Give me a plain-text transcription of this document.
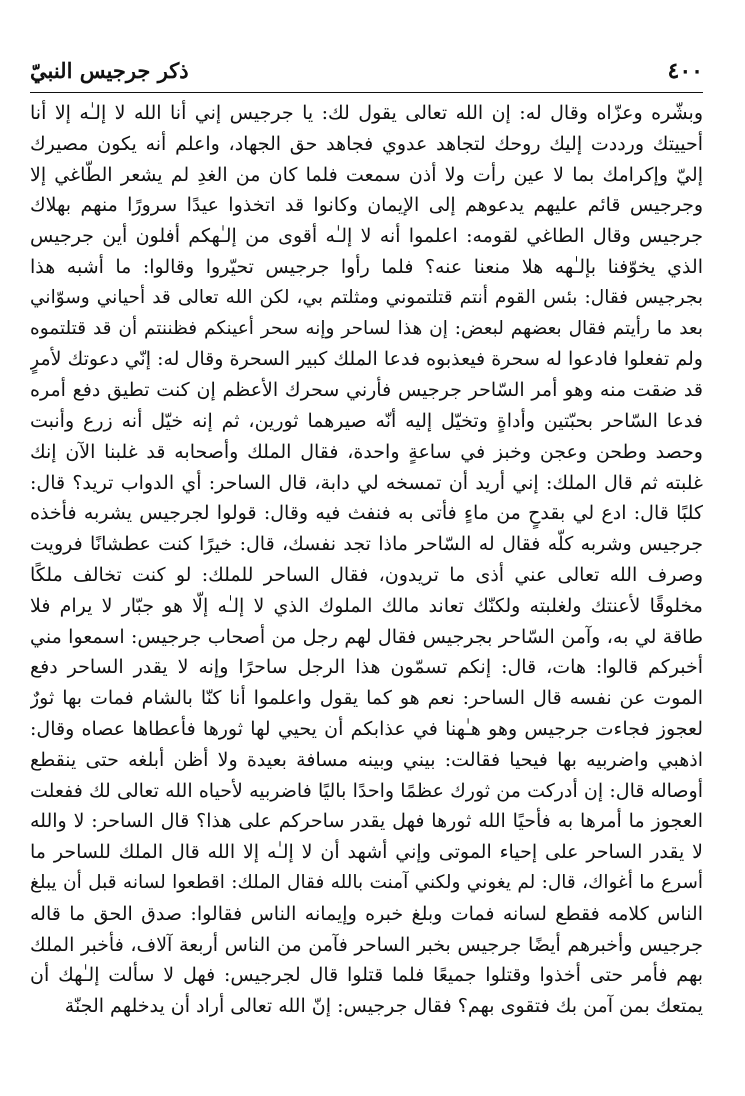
٤٠٠
ذكر جرجيس النبيّ
وبشّره وعزّاه وقال له: إن الله تعالى يقول لك: يا جرجيس إني أنا الله لا إلـٰه إلا أنا
أحييتك ورددت إليك روحك لتجاهد عدوي فجاهد حق الجهاد، واعلم أنه يكون مصيرك
إليّ وإكرامك بما لا عين رأت ولا أذن سمعت فلما كان من الغدِ لم يشعر الطّاغي إلا
وجرجيس قائم عليهم يدعوهم إلى الإيمان وكانوا قد اتخذوا عيدًا سرورًا منهم بهلاك
جرجيس وقال الطاغي لقومه: اعلموا أنه لا إلـٰه أقوى من إلـٰهكم أفلون أين جرجيس
الذي يخوّفنا بإلـٰهه هلا منعنا عنه؟ فلما رأوا جرجيس تحيّروا وقالوا: ما أشبه هذا
بجرجيس فقال: بئس القوم أنتم قتلتموني ومثلتم بي، لكن الله تعالى قد أحياني وسوّاني
بعد ما رأيتم فقال بعضهم لبعض: إن هذا لساحر وإنه سحر أعينكم فظننتم أن قد قتلتموه
ولم تفعلوا فادعوا له سحرة فيعذبوه فدعا الملك كبير السحرة وقال له: إنّي دعوتك لأمرٍ
قد ضقت منه وهو أمر السّاحر جرجيس فأرني سحرك الأعظم إن كنت تطيق دفع أمره
فدعا السّاحر بحبّتين وأداةٍ وتخيّل إليه أنّه صيرهما ثورين، ثم إنه خيّل أنه زرع وأنبت
وحصد وطحن وعجن وخبز في ساعةٍ واحدة، فقال الملك وأصحابه قد غلبنا الآن إنك
غلبته ثم قال الملك: إني أريد أن تمسخه لي دابة، قال الساحر: أي الدواب تريد؟ قال:
كلبًا قال: ادع لي بقدحٍ من ماءٍ فأتى به فنفث فيه وقال: قولوا لجرجيس يشربه فأخذه
جرجيس وشربه كلّه فقال له السّاحر ماذا تجد نفسك، قال: خيرًا كنت عطشانًا فرويت
وصرف الله تعالى عني أذى ما تريدون، فقال الساحر للملك: لو كنت تخالف ملكًا
مخلوقًا لأعنتك ولغلبته ولكنّك تعاند مالك الملوك الذي لا إلـٰه إلّا هو جبّار لا يرام فلا
طاقة لي به، وآمن السّاحر بجرجيس فقال لهم رجل من أصحاب جرجيس: اسمعوا مني
أخبركم قالوا: هات، قال: إنكم تسمّون هذا الرجل ساحرًا وإنه لا يقدر الساحر دفع
الموت عن نفسه قال الساحر: نعم هو كما يقول واعلموا أنا كنّا بالشام فمات بها ثورٌ
لعجوز فجاءت جرجيس وهو هـٰهنا في عذابكم أن يحيي لها ثورها فأعطاها عصاه وقال:
اذهبي واضربيه بها فيحيا فقالت: بيني وبينه مسافة بعيدة ولا أظن أبلغه حتى ينقطع
أوصاله قال: إن أدركت من ثورك عظمًا واحدًا باليًا فاضربيه لأحياه الله تعالى لك ففعلت
العجوز ما أمرها به فأحيًا الله ثورها فهل يقدر ساحركم على هذا؟ قال الساحر: لا والله
لا يقدر الساحر على إحياء الموتى وإني أشهد أن لا إلـٰه إلا الله قال الملك للساحر ما
أسرع ما أغواك، قال: لم يغوني ولكني آمنت بالله فقال الملك: اقطعوا لسانه قبل أن يبلغ
الناس كلامه فقطع لسانه فمات وبلغ خبره وإيمانه الناس فقالوا: صدق الحق ما قاله
جرجيس وأخبرهم أيضًا جرجيس بخبر الساحر فآمن من الناس أربعة آلاف، فأخبر الملك
بهم فأمر حتى أخذوا وقتلوا جميعًا فلما قتلوا قال لجرجيس: فهل لا سألت إلـٰهك أن
يمتعك بمن آمن بك فتقوى بهم؟ فقال جرجيس: إنّ الله تعالى أراد أن يدخلهم الجنّة
